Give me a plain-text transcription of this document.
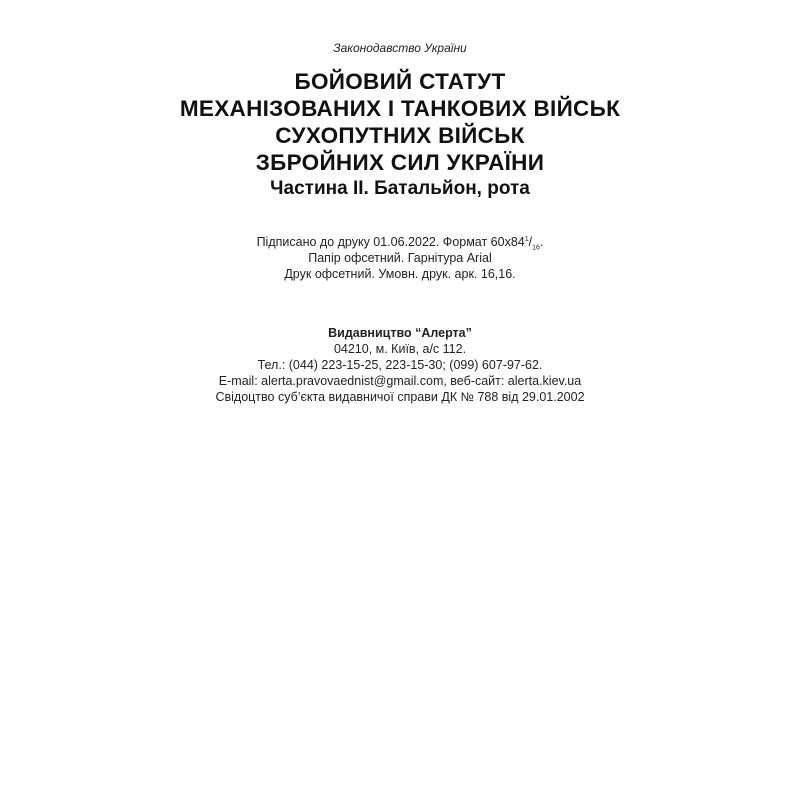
Законодавство України
БОЙОВИЙ СТАТУТ
МЕХАНІЗОВАНИХ І ТАНКОВИХ ВІЙСЬК
СУХОПУТНИХ ВІЙСЬК
ЗБРОЙНИХ СИЛ УКРАЇНИ
Частина ІІ. Батальйон, рота
Підписано до друку 01.06.2022. Формат $60х84^1/_{16}$.
Папір офсетний. Гарнітура Arial
Друк офсетний. Умовн. друк. арк. 16,16.
Видавництво “Алерта”
04210, м. Київ, а/с 112.
Тел.: (044) 223-15-25, 223-15-30; (099) 607-97-62.
E-mail: alerta.pravovaednist@gmail.com, веб-сайт: alerta.kiev.ua
Свідоцтво суб’єкта видавничої справи ДК № 788 від 29.01.2002
